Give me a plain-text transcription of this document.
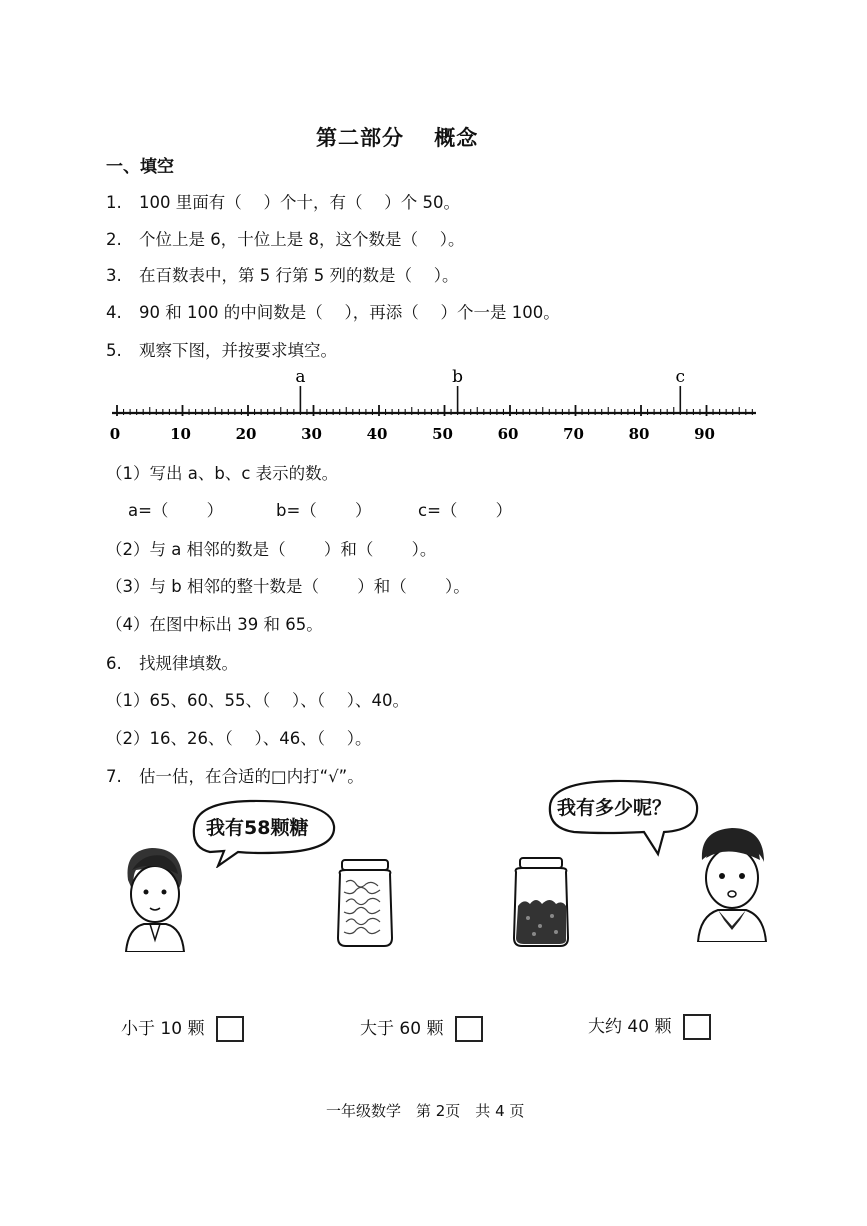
第二部分　 概念
一、填空
1. 100 里面有（　 ）个十，有（　 ）个 50。
2. 个位上是 6，十位上是 8，这个数是（　 ）。
3. 在百数表中，第 5 行第 5 列的数是（　 ）。
4. 90 和 100 的中间数是（　 ），再添（　 ）个一是 100。
5. 观察下图，并按要求填空。
0	10	20	30	40	50	60	70	80	90
a	b	c
（1）写出 a、b、c 表示的数。
a=（　　 ）	b=（　　 ）	c=（　　 ）
（2）与 a 相邻的数是（　　 ）和（　　 ）。
（3）与 b 相邻的整十数是（　　 ）和（　　 ）。
（4）在图中标出 39 和 65。
6. 找规律填数。
（1）65、60、55、（　 ）、（　 ）、40。
（2）16、26、（　 ）、46、（　 ）。
7. 估一估，在合适的□内打“√”。
我有58颗糖
我有多少呢？
小于 10 颗	大于 60 颗	大约 40 颗
一年级数学　第 2页　共 4 页
